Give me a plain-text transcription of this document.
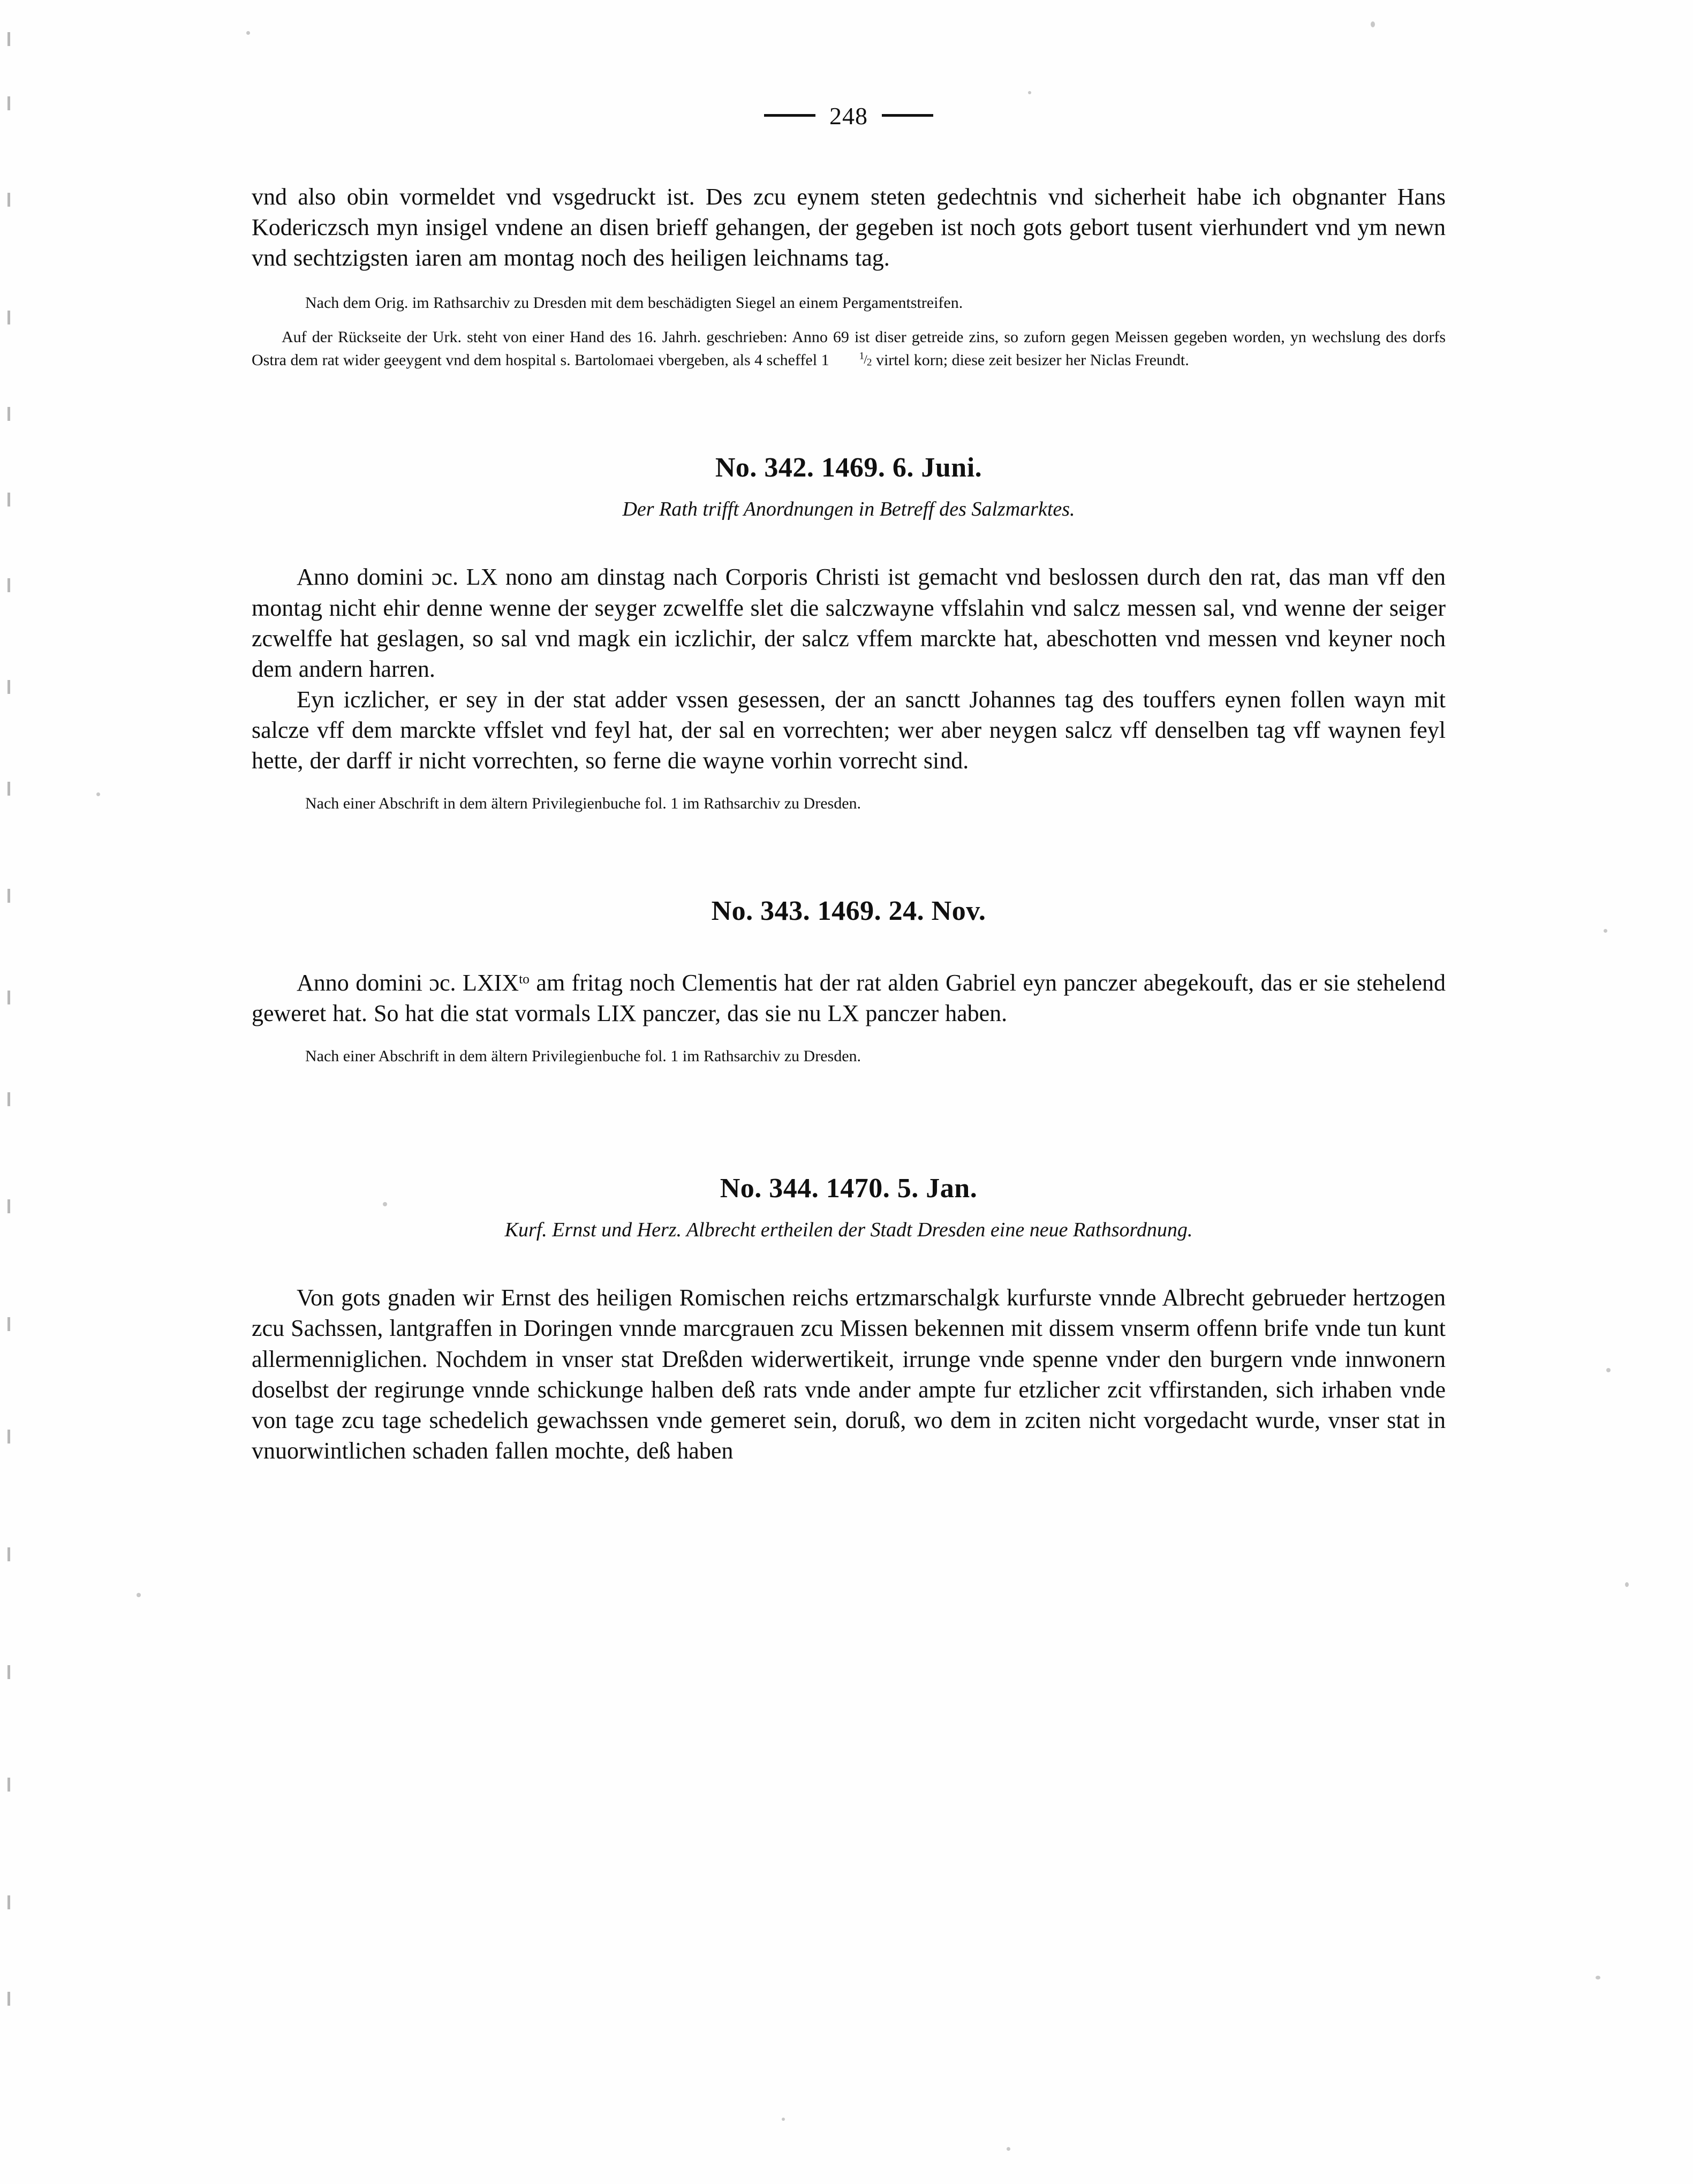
248

vnd also obin vormeldet vnd vsgedruckt ist. Des zcu eynem steten gedechtnis vnd sicherheit habe ich obgnanter Hans Kodericzsch myn insigel vndene an disen brieff gehangen, der gegeben ist noch gots gebort tusent vierhundert vnd ym newn vnd sechtzigsten iaren am montag noch des heiligen leichnams tag.

Nach dem Orig. im Rathsarchiv zu Dresden mit dem beschädigten Siegel an einem Pergamentstreifen.

Auf der Rückseite der Urk. steht von einer Hand des 16. Jahrh. geschrieben: Anno 69 ist diser getreide zins, so zuforn gegen Meissen gegeben worden, yn wechslung des dorfs Ostra dem rat wider geeygent vnd dem hospital s. Bartolomaei vbergeben, als 4 scheffel 1	$^1/_2$ virtel korn; diese zeit besizer her Niclas Freundt.

No. 342. 1469. 6. Juni.

Der Rath trifft Anordnungen in Betreff des Salzmarktes.

Anno domini ɔc. LX nono am dinstag nach Corporis Christi ist gemacht vnd beslossen durch den rat, das man vff den montag nicht ehir denne wenne der seyger zcwelffe slet die salczwayne vffslahin vnd salcz messen sal, vnd wenne der seiger zcwelffe hat geslagen, so sal vnd magk ein iczlichir, der salcz vffem marckte hat, abeschotten vnd messen vnd keyner noch dem andern harren.

Eyn iczlicher, er sey in der stat adder vssen gesessen, der an sanctt Johannes tag des touffers eynen follen wayn mit salcze vff dem marckte vffslet vnd feyl hat, der sal en vorrechten; wer aber neygen salcz vff denselben tag vff waynen feyl hette, der darff ir nicht vorrechten, so ferne die wayne vorhin vorrecht sind.

Nach einer Abschrift in dem ältern Privilegienbuche fol. 1 im Rathsarchiv zu Dresden.

No. 343. 1469. 24. Nov.

Anno domini ɔc. $LXIX^{to}$ am fritag noch Clementis hat der rat alden Gabriel eyn panczer abegekouft, das er sie stehelend geweret hat. So hat die stat vormals LIX panczer, das sie nu LX panczer haben.

Nach einer Abschrift in dem ältern Privilegienbuche fol. 1 im Rathsarchiv zu Dresden.

No. 344. 1470. 5. Jan.

Kurf. Ernst und Herz. Albrecht ertheilen der Stadt Dresden eine neue Rathsordnung.

Von gots gnaden wir Ernst des heiligen Romischen reichs ertzmarschalgk kurfurste vnnde Albrecht gebrueder hertzogen zcu Sachssen, lantgraffen in Doringen vnnde marcgrauen zcu Missen bekennen mit dissem vnserm offenn brife vnde tun kunt allermenniglichen. Nochdem in vnser stat Dreßden widerwertikeit, irrunge vnde spenne vnder den burgern vnde innwonern doselbst der regirunge vnnde schickunge halben deß rats vnde ander ampte fur etzlicher zcit vffirstanden, sich irhaben vnde von tage zcu tage schedelich gewachssen vnde gemeret sein, doruß, wo dem in zciten nicht vorgedacht wurde, vnser stat in vnuorwintlichen schaden fallen mochte, deß haben
